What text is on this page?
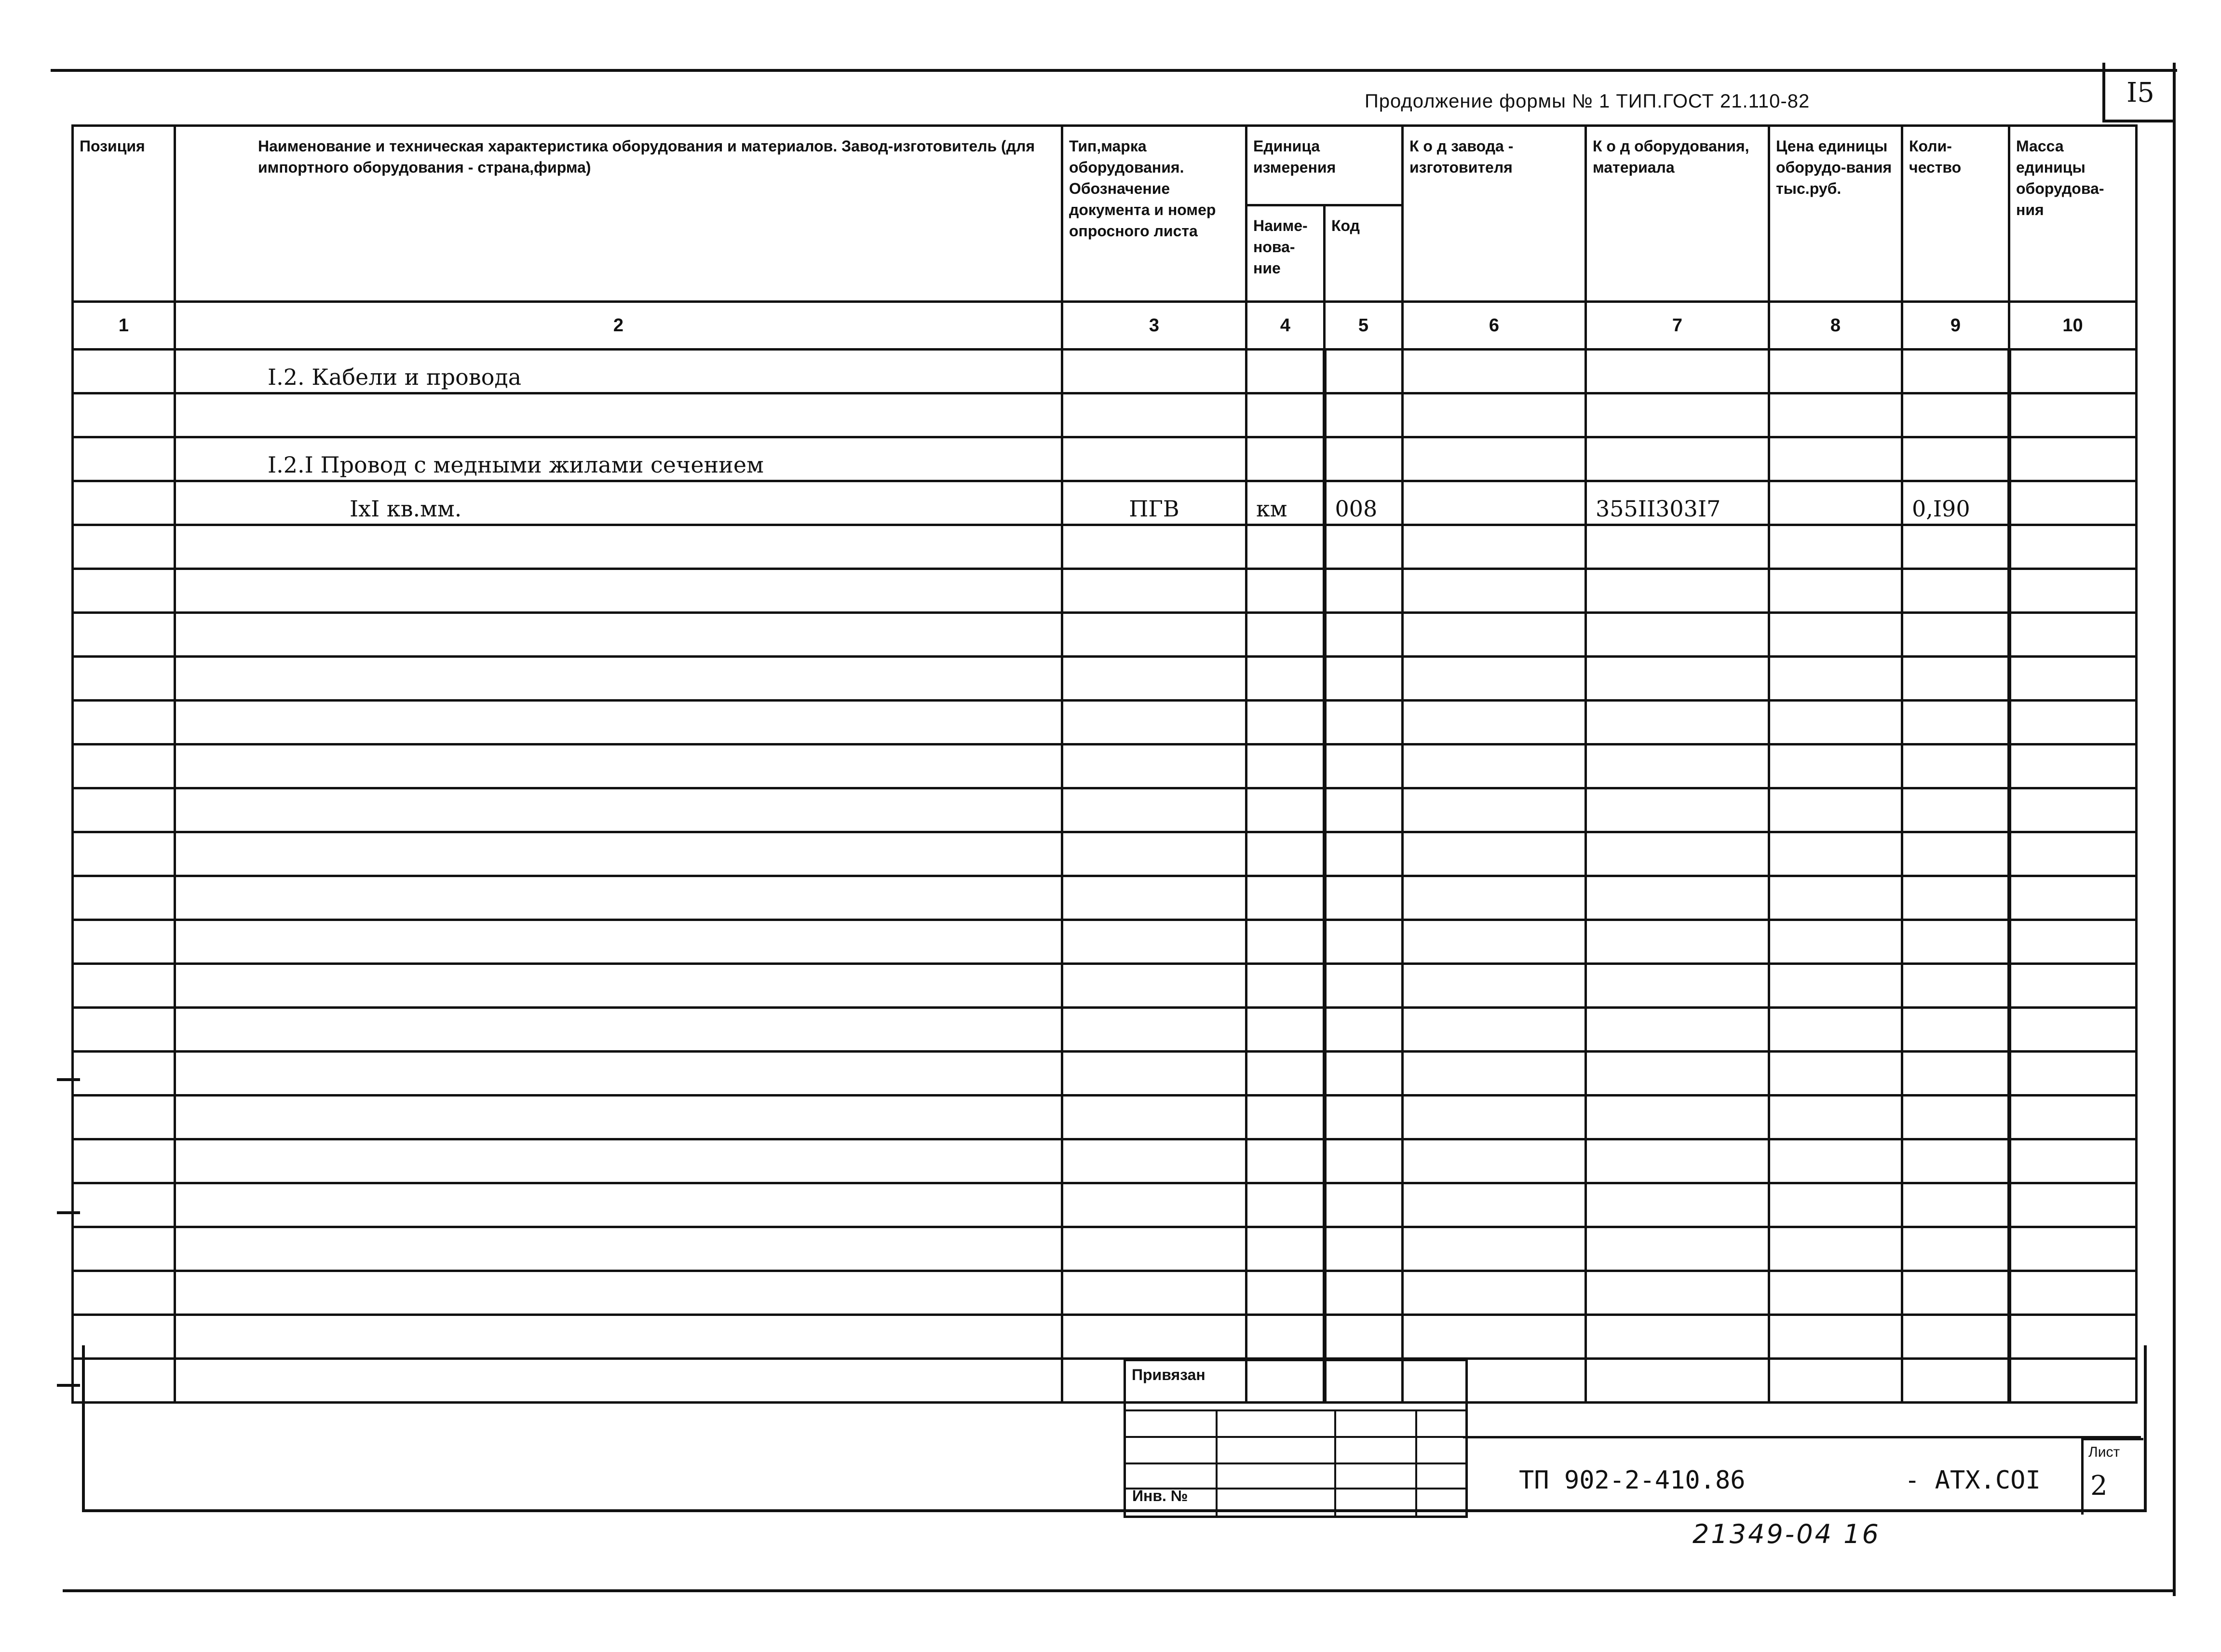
I5
Продолжение формы № 1 ТИП.ГОСТ 21.110-82
Позиция	Наименование и техническая характеристика оборудования и материалов. Завод-изготовитель (для импортного оборудования - страна,фирма)	Тип,марка оборудования. Обозначение документа и номер опросного листа	Единица измерения		К о д завода - изготовителя	К о д оборудования, материала	Цена единицы оборудо-вания тыс.руб.	Коли-чество	Масса единицы оборудова-ния
			Наиме-нова-ние	Код					
1	2	3	4	5	6	7	8	9	10
	I.2. Кабели и провода								

	I.2.I Провод с медными жилами сечением								
	IxI кв.мм.	ПГВ	км	008		355II303I7		0,I90	

Привязан
Инв. №
ТП 902-2-410.86	- АТХ.СОI
Лист
2
21349-04 16
